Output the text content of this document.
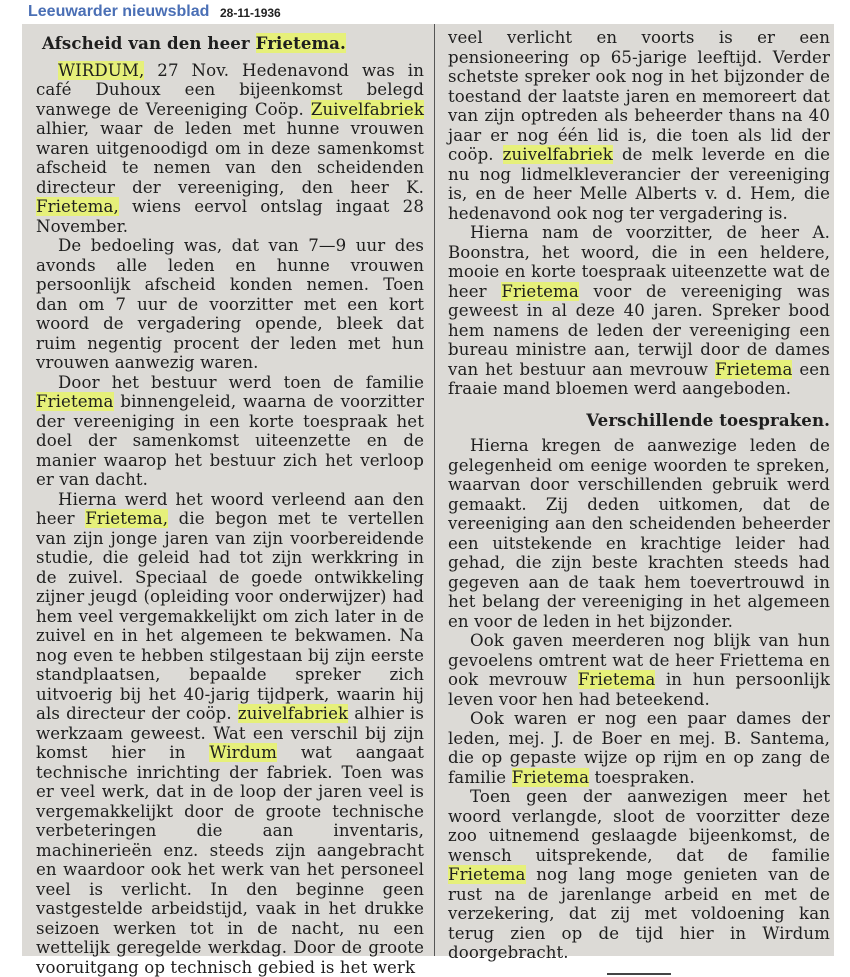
Leeuwarder nieuwsblad 28-11-1936
Afscheid van den heer Frietema.

WIRDUM, 27 Nov. Hedenavond was in café Duhoux een bijeenkomst belegd vanwege de Vereeniging Coöp. Zuivelfabriek alhier, waar de leden met hunne vrouwen waren uitgenoodigd om in deze samenkomst afscheid te nemen van den scheidenden directeur der vereeniging, den heer K. Frietema, wiens eervol ontslag ingaat 28 November.

De bedoeling was, dat van 7—9 uur des avonds alle leden en hunne vrouwen persoonlijk afscheid konden nemen. Toen dan om 7 uur de voorzitter met een kort woord de vergadering opende, bleek dat ruim negentig procent der leden met hun vrouwen aanwezig waren.

Door het bestuur werd toen de familie Frietema binnengeleid, waarna de voorzitter der vereeniging in een korte toespraak het doel der samenkomst uiteenzette en de manier waarop het bestuur zich het verloop er van dacht.

Hierna werd het woord verleend aan den heer Frietema, die begon met te vertellen van zijn jonge jaren van zijn voorbereidende studie, die geleid had tot zijn werkkring in de zuivel. Speciaal de goede ontwikkeling zijner jeugd (opleiding voor onderwijzer) had hem veel vergemakkelijkt om zich later in de zuivel en in het algemeen te bekwamen. Na nog even te hebben stilgestaan bij zijn eerste standplaatsen, bepaalde spreker zich uitvoerig bij het 40-jarig tijdperk, waarin hij als directeur der coöp. zuivelfabriek alhier is werkzaam geweest. Wat een verschil bij zijn komst hier in Wirdum wat aangaat technische inrichting der fabriek. Toen was er veel werk, dat in de loop der jaren veel is vergemakkelijkt door de groote technische verbeteringen die aan inventaris, machinerieën enz. steeds zijn aangebracht en waardoor ook het werk van het personeel veel is verlicht. In den beginne geen vastgestelde arbeidstijd, vaak in het drukke seizoen werken tot in de nacht, nu een wettelijk geregelde werkdag. Door de groote vooruitgang op technisch gebied is het werk

veel verlicht en voorts is er een pensioneering op 65-jarige leeftijd. Verder schetste spreker ook nog in het bijzonder de toestand der laatste jaren en memoreert dat van zijn optreden als beheerder thans na 40 jaar er nog één lid is, die toen als lid der coöp. zuivelfabriek de melk leverde en die nu nog lidmelkleverancier der vereeniging is, en de heer Melle Alberts v. d. Hem, die hedenavond ook nog ter vergadering is.

Hierna nam de voorzitter, de heer A. Boonstra, het woord, die in een heldere, mooie en korte toespraak uiteenzette wat de heer Frietema voor de vereeniging was geweest in al deze 40 jaren. Spreker bood hem namens de leden der vereeniging een bureau ministre aan, terwijl door de dames van het bestuur aan mevrouw Frietema een fraaie mand bloemen werd aangeboden.

Verschillende toespraken.

Hierna kregen de aanwezige leden de gelegenheid om eenige woorden te spreken, waarvan door verschillenden gebruik werd gemaakt. Zij deden uitkomen, dat de vereeniging aan den scheidenden beheerder een uitstekende en krachtige leider had gehad, die zijn beste krachten steeds had gegeven aan de taak hem toevertrouwd in het belang der vereeniging in het algemeen en voor de leden in het bijzonder.

Ook gaven meerderen nog blijk van hun gevoelens omtrent wat de heer Friettema en ook mevrouw Frietema in hun persoonlijk leven voor hen had beteekend.

Ook waren er nog een paar dames der leden, mej. J. de Boer en mej. B. Santema, die op gepaste wijze op rijm en op zang de familie Frietema toespraken.

Toen geen der aanwezigen meer het woord verlangde, sloot de voorzitter deze zoo uitnemend geslaagde bijeenkomst, de wensch uitsprekende, dat de familie Frietema nog lang moge genieten van de rust na de jarenlange arbeid en met de verzekering, dat zij met voldoening kan terug zien op de tijd hier in Wirdum doorgebracht.
